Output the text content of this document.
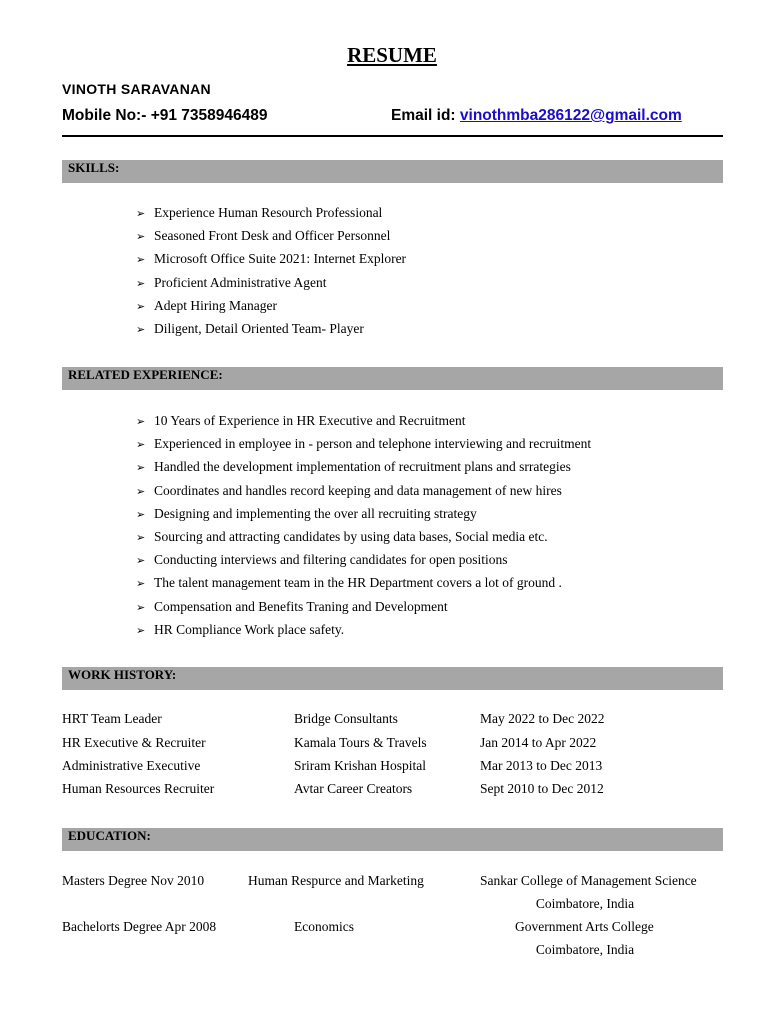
RESUME
VINOTH SARAVANAN
Mobile No:- +91 7358946489	Email id: vinothmba286122@gmail.com
SKILLS:
➢ Experience Human Resourch Professional
➢ Seasoned Front Desk and Officer Personnel
➢ Microsoft Office Suite 2021: Internet Explorer
➢ Proficient Administrative Agent
➢ Adept Hiring Manager
➢ Diligent, Detail Oriented Team- Player
RELATED EXPERIENCE:
➢ 10 Years of Experience in HR Executive and Recruitment
➢ Experienced in employee in - person and telephone interviewing and recruitment
➢ Handled the development implementation of recruitment plans and srrategies
➢ Coordinates and handles record keeping and data management of new hires
➢ Designing and implementing the over all recruiting strategy
➢ Sourcing and attracting candidates by using data bases, Social media etc.
➢ Conducting interviews and filtering candidates for open positions
➢ The talent management team in the HR Department covers a lot of ground .
➢ Compensation and Benefits Traning and Development
➢ HR Compliance Work place safety.
WORK HISTORY:
HRT Team Leader	Bridge Consultants	May 2022 to Dec 2022
HR Executive & Recruiter	Kamala Tours & Travels	Jan 2014 to Apr 2022
Administrative Executive	Sriram Krishan Hospital	Mar 2013 to Dec 2013
Human Resources Recruiter	Avtar Career Creators	Sept 2010 to Dec 2012
EDUCATION:
Masters Degree Nov 2010	Human Respurce and Marketing	Sankar College of Management Science
Coimbatore, India
Bachelorts Degree Apr 2008	Economics	Government Arts College
Coimbatore, India
